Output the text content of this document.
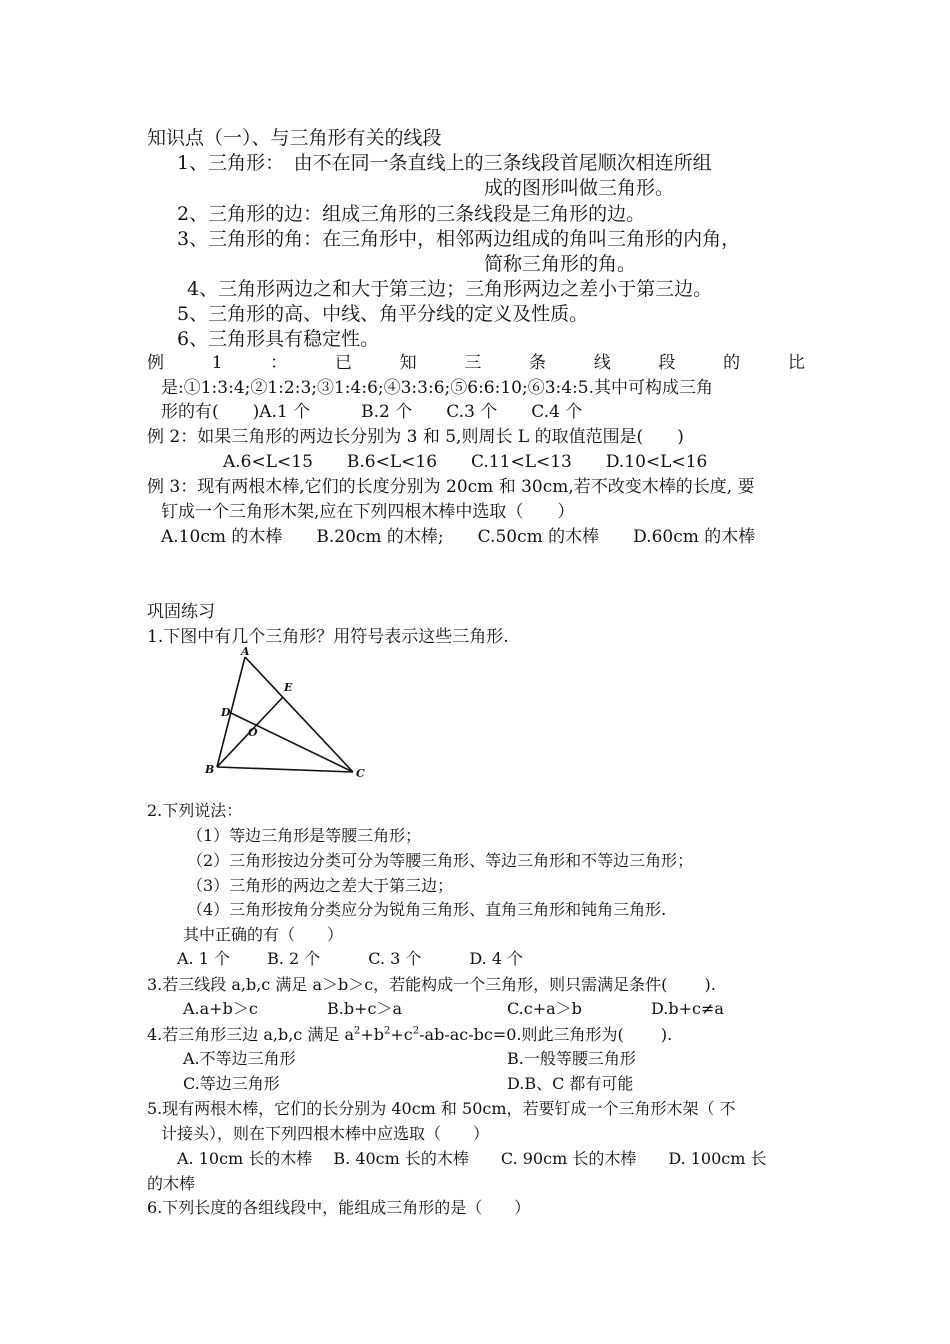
知识点（一）、与三角形有关的线段
1、三角形：　由不在同一条直线上的三条线段首尾顺次相连所组
成的图形叫做三角形。
2、三角形的边：组成三角形的三条线段是三角形的边。
3、三角形的角：在三角形中，相邻两边组成的角叫三角形的内角，
简称三角形的角。
4、三角形两边之和大于第三边；三角形两边之差小于第三边。
5、三角形的高、中线、角平分线的定义及性质。
6、三角形具有稳定性。
例	1	：	已	知	三	条	线	段	的	比
是:①1:3:4;②1:2:3;③1:4:6;④3:3:6;⑤6:6:10;⑥3:4:5.其中可构成三角
形的有(　　)A.1 个　　　B.2 个　　C.3 个　　C.4 个
例 2：如果三角形的两边长分别为 3 和 5,则周长 L 的取值范围是(　　)
A.6<L<15　　B.6<L<16　　C.11<L<13　　D.10<L<16
例 3：现有两根木棒,它们的长度分别为 20cm 和 30cm,若不改变木棒的长度, 要
钉成一个三角形木架,应在下列四根木棒中选取（　　）
A.10cm 的木棒　　B.20cm 的木棒;　　C.50cm 的木棒　　D.60cm 的木棒
巩固练习
1.下图中有几个三角形？用符号表示这些三角形.
A
B	C
D
E
O
2.下列说法：
（1）等边三角形是等腰三角形；
（2）三角形按边分类可分为等腰三角形、等边三角形和不等边三角形；
（3）三角形的两边之差大于第三边；
（4）三角形按角分类应分为锐角三角形、直角三角形和钝角三角形.
其中正确的有（　　）
A. 1 个　　 B. 2 个　　　C. 3 个　　　D. 4 个
3.若三线段 a,b,c 满足 a＞b＞c，若能构成一个三角形，则只需满足条件(　　 ).
A.a+b＞c	B.b+c＞a	C.c+a＞b	D.b+c≠a
4.若三角形三边 a,b,c 满足 $a^2+b^2+c^2-ab-ac-bc=0$.则此三角形为(　　 ).
A.不等边三角形	B.一般等腰三角形
C.等边三角形	D.B、C 都有可能
5.现有两根木棒，它们的长分别为 40cm 和 50cm，若要钉成一个三角形木架（ 不
计接头），则在下列四根木棒中应选取（　　）
A. 10cm 长的木棒　 B. 40cm 长的木棒　　C. 90cm 长的木棒　　D. 100cm 长
的木棒
6.下列长度的各组线段中，能组成三角形的是（　　）
